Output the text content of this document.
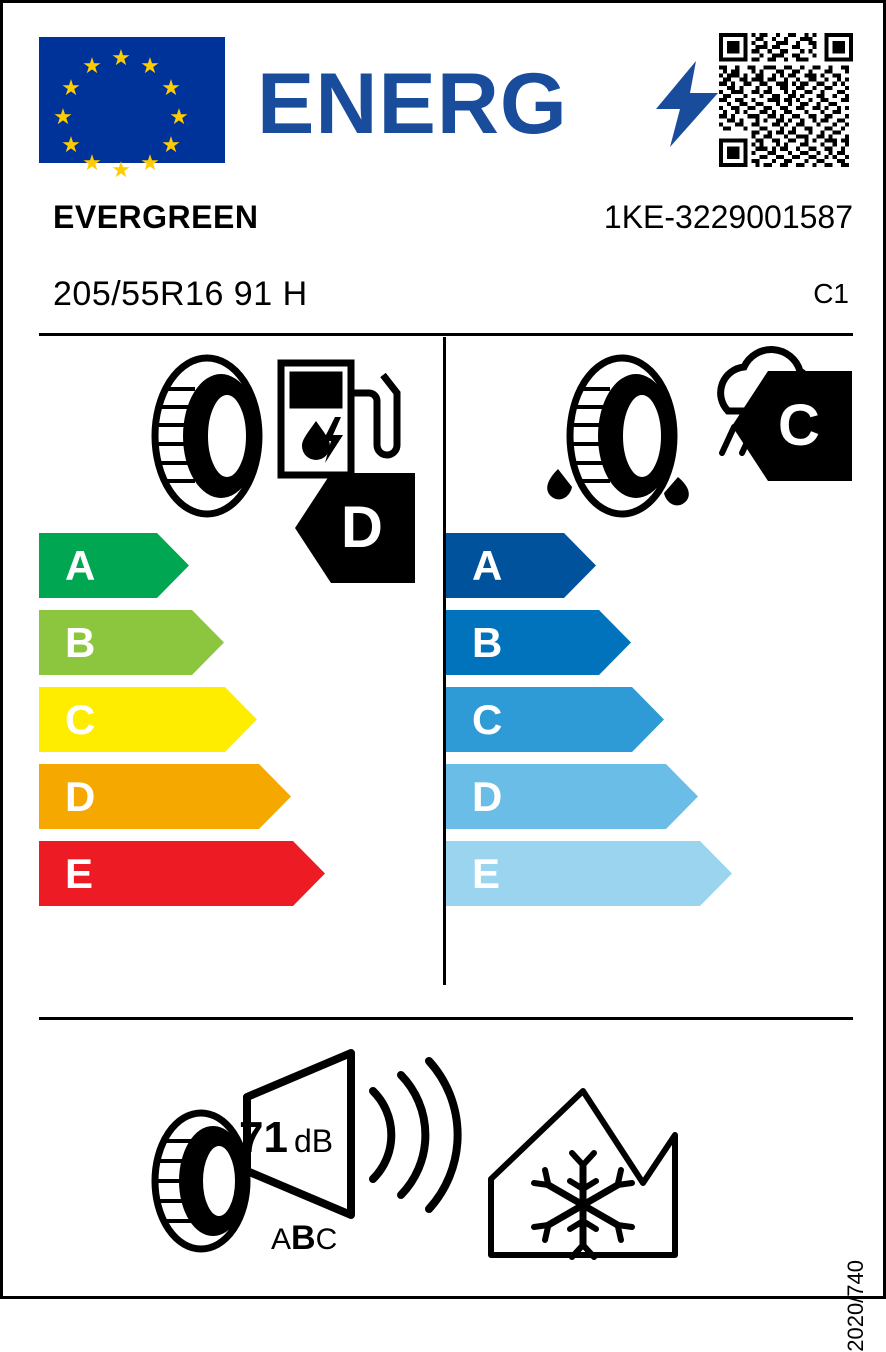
★
★ ★
★	★
★	★
★	★
★ ★
★
ENERG
EVERGREEN	1KE-3229001587
205/55R16 91 H	C1
A
B
C
D
E
D
A
B
C
D
E
C
71 dB
ABC
2020/740
